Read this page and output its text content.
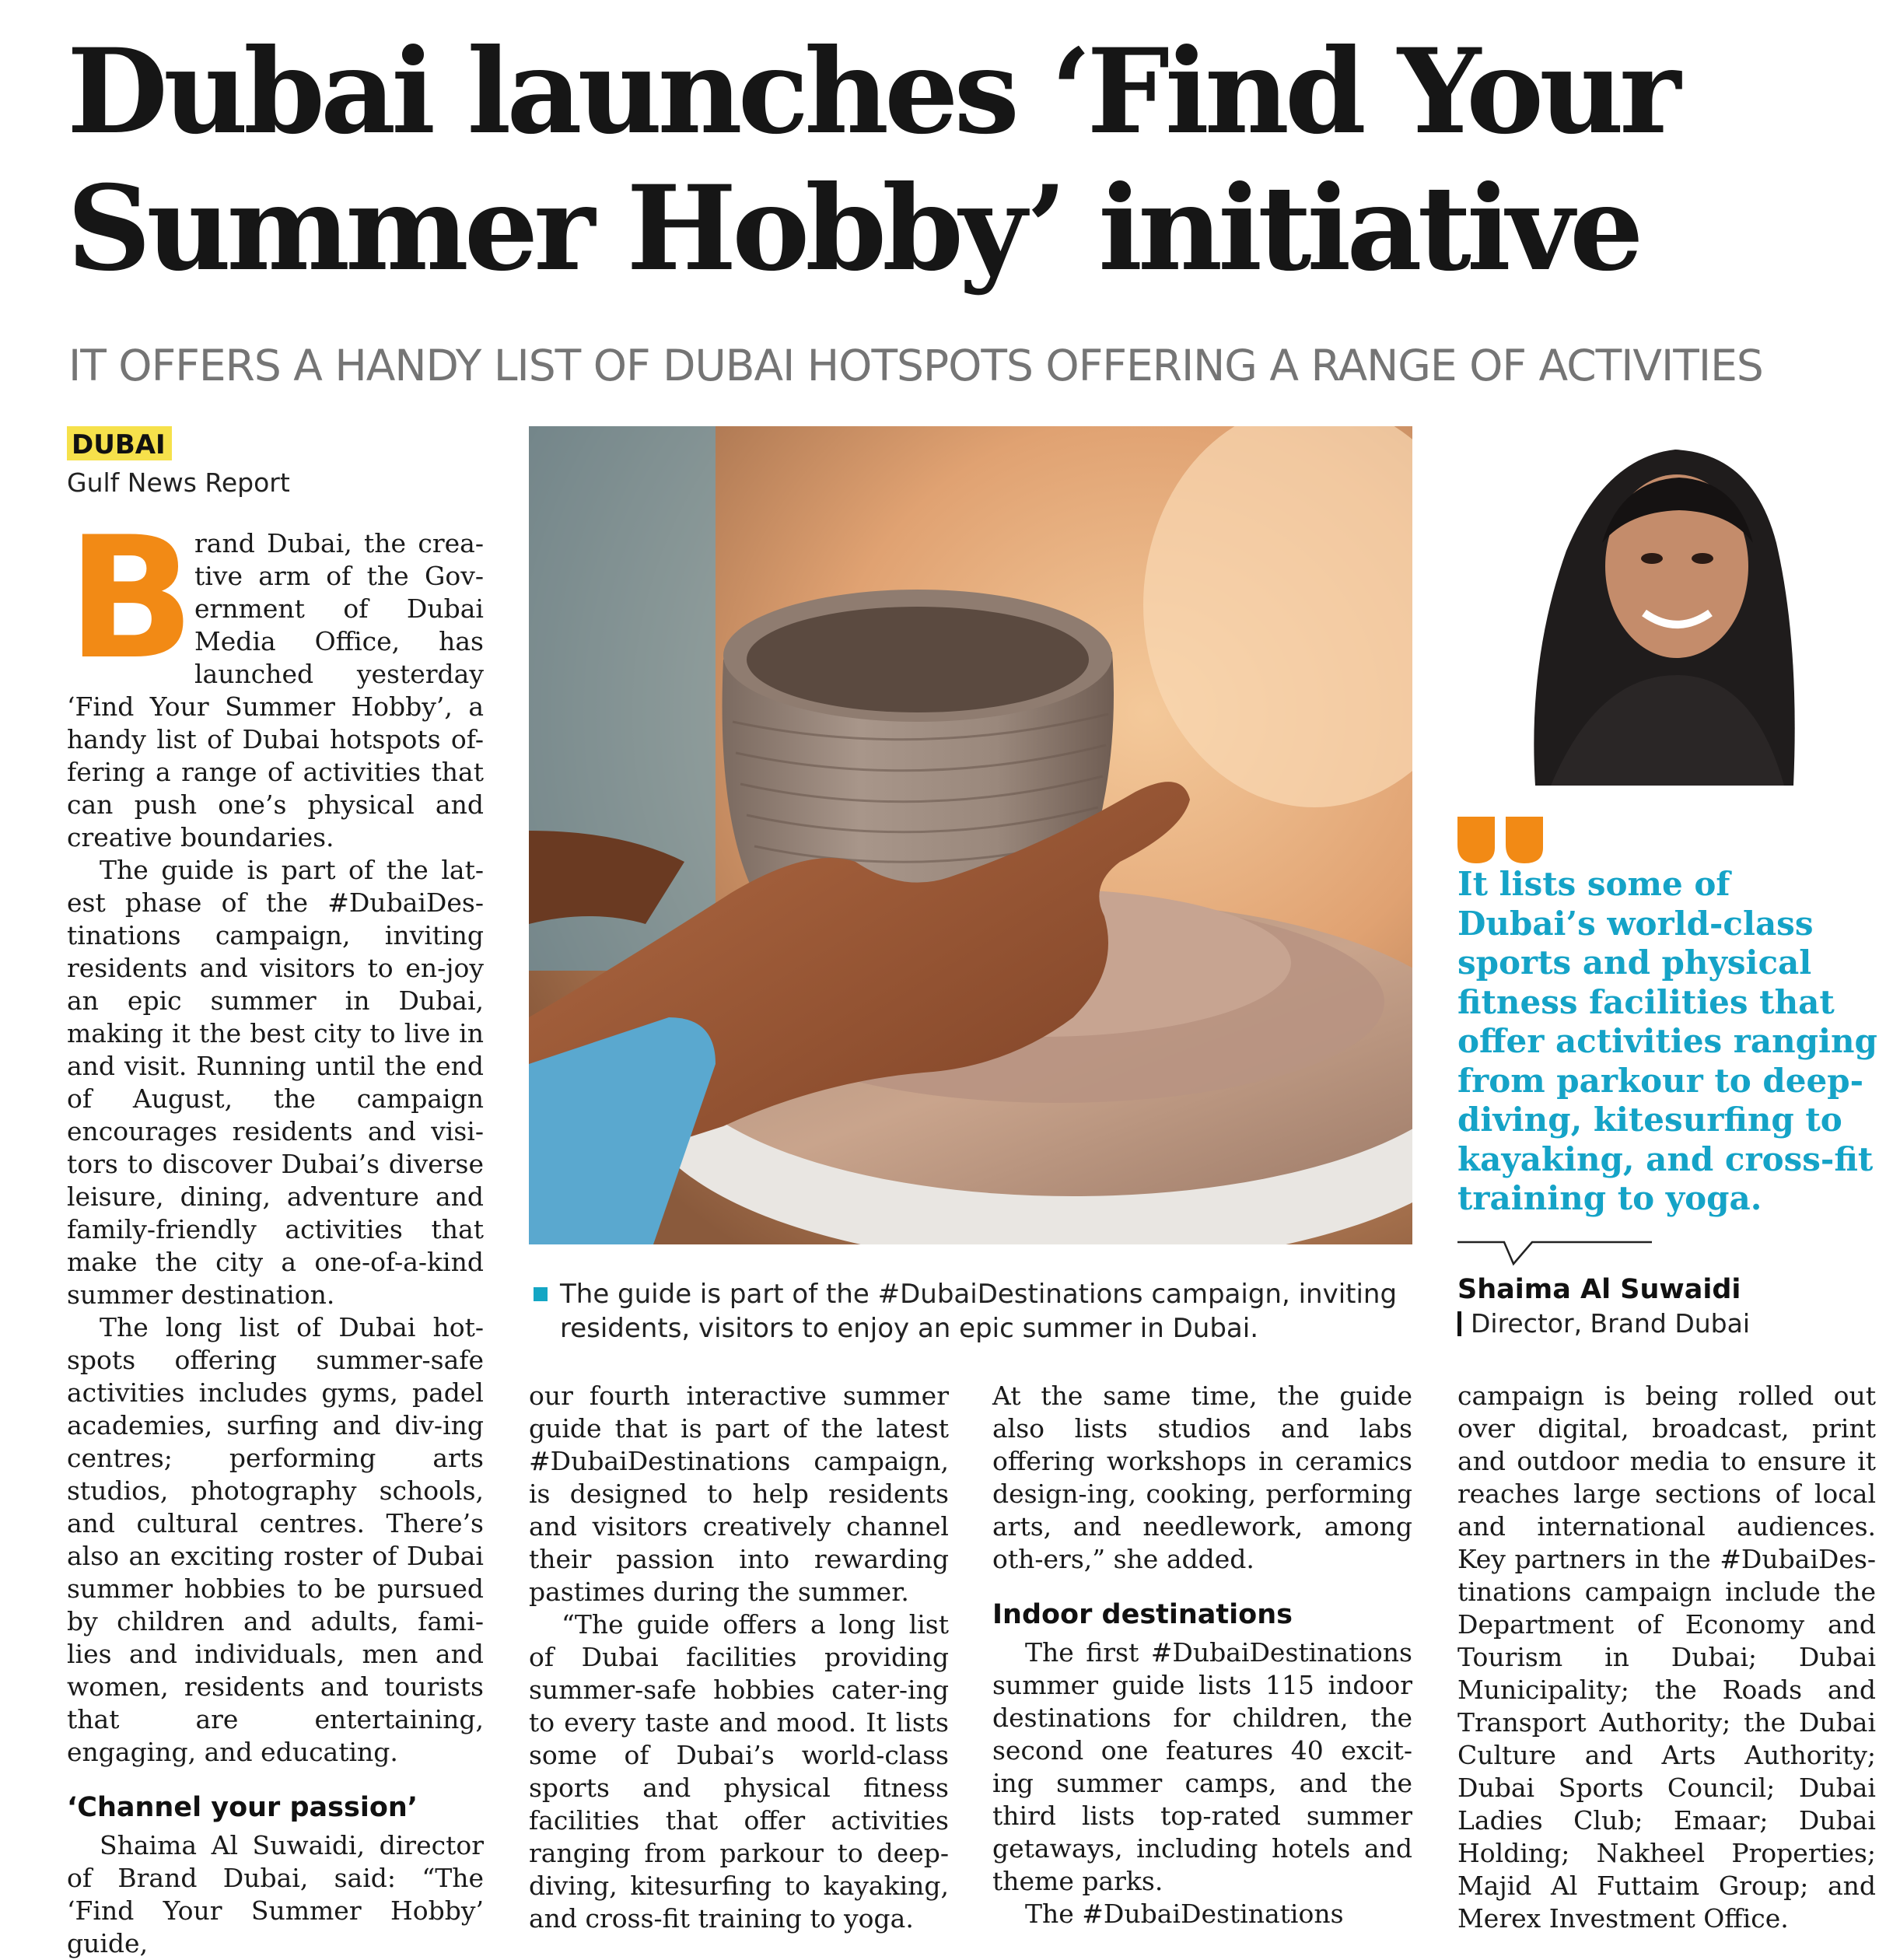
Dubai launches ‘Find Your
Summer Hobby’ initiative
IT OFFERS A HANDY LIST OF DUBAI HOTSPOTS OFFERING A RANGE OF ACTIVITIES
DUBAI
Gulf News Report
B rand Dubai, the crea-tive arm of the Gov-ernment of Dubai Media Office, has launched yesterday ‘Find Your Summer Hobby’, a handy list of Dubai hotspots of-fering a range of activities that can push one’s physical and creative boundaries.

The guide is part of the lat-est phase of the #DubaiDes-tinations campaign, inviting residents and visitors to en-joy an epic summer in Dubai, making it the best city to live in and visit. Running until the end of August, the campaign encourages residents and visi-tors to discover Dubai’s diverse leisure, dining, adventure and family-friendly activities that make the city a one-of-a-kind summer destination.

The long list of Dubai hot-spots offering summer-safe activities includes gyms, padel academies, surfing and div-ing centres; performing arts studios, photography schools, and cultural centres. There’s also an exciting roster of Dubai summer hobbies to be pursued by children and adults, fami-lies and individuals, men and women, residents and tourists that are entertaining, engaging, and educating.

‘Channel your passion’

Shaima Al Suwaidi, director of Brand Dubai, said: “The ‘Find Your Summer Hobby’ guide,

The guide is part of the #DubaiDestinations campaign, inviting
residents, visitors to enjoy an epic summer in Dubai.
It lists some of Dubai’s world-class sports and physical fitness facilities that offer activities ranging from parkour to deep-diving, kitesurfing to kayaking, and cross-fit training to yoga.
Shaima Al Suwaidi
Director, Brand Dubai

our fourth interactive summer guide that is part of the latest #DubaiDestinations campaign, is designed to help residents and visitors creatively channel their passion into rewarding pastimes during the summer.

“The guide offers a long list of Dubai facilities providing summer-safe hobbies cater-ing to every taste and mood. It lists some of Dubai’s world-class sports and physical fitness facilities that offer activities ranging from parkour to deep-diving, kitesurfing to kayaking, and cross-fit training to yoga.

At the same time, the guide also lists studios and labs offering workshops in ceramics design-ing, cooking, performing arts, and needlework, among oth-ers,” she added.

Indoor destinations

The first #DubaiDestinations summer guide lists 115 indoor destinations for children, the second one features 40 excit-ing summer camps, and the third lists top-rated summer getaways, including hotels and theme parks.

The #DubaiDestinations

campaign is being rolled out over digital, broadcast, print and outdoor media to ensure it reaches large sections of local and international audiences. Key partners in the #DubaiDes-tinations campaign include the Department of Economy and Tourism in Dubai; Dubai Municipality; the Roads and Transport Authority; the Dubai Culture and Arts Authority; Dubai Sports Council; Dubai Ladies Club; Emaar; Dubai Holding; Nakheel Properties; Majid Al Futtaim Group; and Merex Investment Office.
